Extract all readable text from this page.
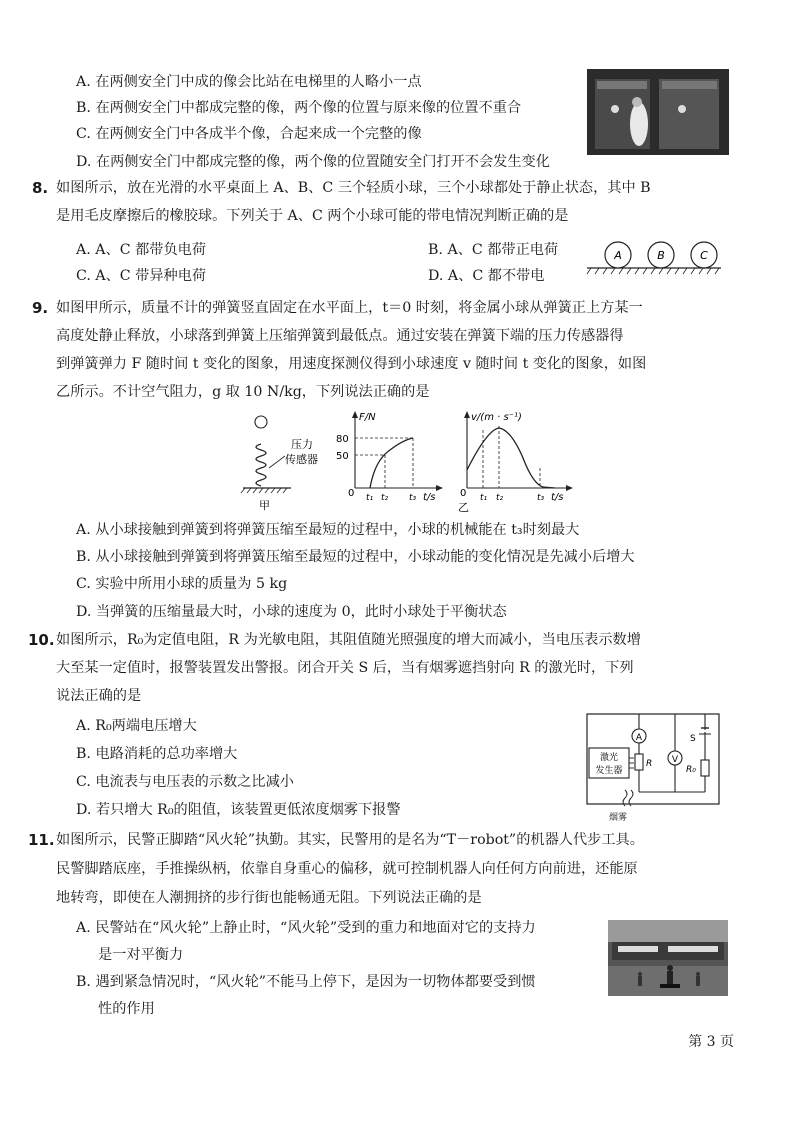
A. 在两侧安全门中成的像会比站在电梯里的人略小一点
B. 在两侧安全门中都成完整的像，两个像的位置与原来像的位置不重合
C. 在两侧安全门中各成半个像，合起来成一个完整的像
D. 在两侧安全门中都成完整的像，两个像的位置随安全门打开不会发生变化
8. 如图所示，放在光滑的水平桌面上 A、B、C 三个轻质小球，三个小球都处于静止状态，其中 B
是用毛皮摩擦后的橡胶球。下列关于 A、C 两个小球可能的带电情况判断正确的是
A. A、C 都带负电荷	B. A、C 都带正电荷
C. A、C 带异种电荷	D. A、C 都不带电
A	B	C
9. 如图甲所示，质量不计的弹簧竖直固定在水平面上，t＝0 时刻，将金属小球从弹簧正上方某一
高度处静止释放，小球落到弹簧上压缩弹簧到最低点。通过安装在弹簧下端的压力传感器得
到弹簧弹力 F 随时间 t 变化的图象，用速度探测仪得到小球速度 v 随时间 t 变化的图象，如图
乙所示。不计空气阻力，g 取 10 N/kg，下列说法正确的是
压力
传感器
甲
F/N
0
80
50
t₁ t₂ t₃ t/s
v/(m · s⁻¹)
0 t₁ t₂	t₃ t/s
乙
A. 从小球接触到弹簧到将弹簧压缩至最短的过程中，小球的机械能在 t₃时刻最大
B. 从小球接触到弹簧到将弹簧压缩至最短的过程中，小球动能的变化情况是先减小后增大
C. 实验中所用小球的质量为 5 kg
D. 当弹簧的压缩量最大时，小球的速度为 0，此时小球处于平衡状态
10. 如图所示，R₀为定值电阻，R 为光敏电阻，其阻值随光照强度的增大而减小，当电压表示数增
大至某一定值时，报警装置发出警报。闭合开关 S 后，当有烟雾遮挡射向 R 的激光时，下列
说法正确的是
A. R₀两端电压增大
B. 电路消耗的总功率增大
C. 电流表与电压表的示数之比减小
D. 若只增大 R₀的阻值，该装置更低浓度烟雾下报警
A
V
S
R₀
R
激光
发生器
烟雾
11. 如图所示，民警正脚踏“风火轮”执勤。其实，民警用的是名为“T－robot”的机器人代步工具。
民警脚踏底座，手推操纵柄，依靠自身重心的偏移，就可控制机器人向任何方向前进，还能原
地转弯，即使在人潮拥挤的步行街也能畅通无阻。下列说法正确的是
A. 民警站在“风火轮”上静止时，“风火轮”受到的重力和地面对它的支持力
是一对平衡力
B. 遇到紧急情况时，“风火轮”不能马上停下，是因为一切物体都要受到惯
性的作用
第 3 页
